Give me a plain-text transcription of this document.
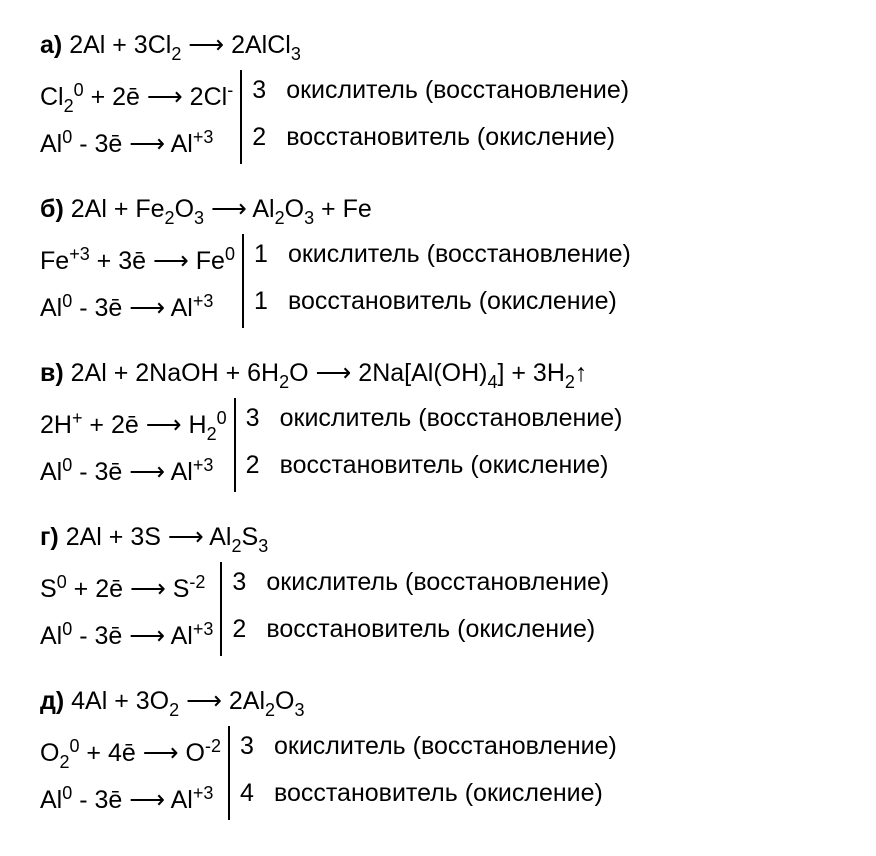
а) $2Al + 3Cl_2$ ⟶ 2AlCl$_3$
$Cl_2^0$ + 2ē ⟶ 2Cl-
Al$^0$ - 3ē ⟶ $Al^{+3}$
3 окислитель (восстановление)
2 восстановитель (окисление)
б) $2Al + Fe_2O_3$ ⟶ $Al_2O_3 + Fe$
$Fe^{+3}$ + 3ē ⟶ Fe$^0$
Al$^0$ - 3ē ⟶ $Al^{+3}$
1 окислитель (восстановление)
1 восстановитель (окисление)
в) 2Al + 2NaOH + $6H_2O$ ⟶ $2Na[Al(OH)_4]$ + $3H_2↑$
2H+ + 2ē ⟶ $H_2^0$
Al$^0$ - 3ē ⟶ $Al^{+3}$
3 окислитель (восстановление)
2 восстановитель (окисление)
г) 2Al + 3S ⟶ $Al_2S_3$
$S^0$ + 2ē ⟶ $S^{-2}$
Al$^0$ - 3ē ⟶ $Al^{+3}$
3 окислитель (восстановление)
2 восстановитель (окисление)
д) $4Al + 3O_2$ ⟶ $2Al_2O_3$
$O_2^0$ + 4ē ⟶ $O^{-2}$
Al$^0$ - 3ē ⟶ $Al^{+3}$
3 окислитель (восстановление)
4 восстановитель (окисление)
